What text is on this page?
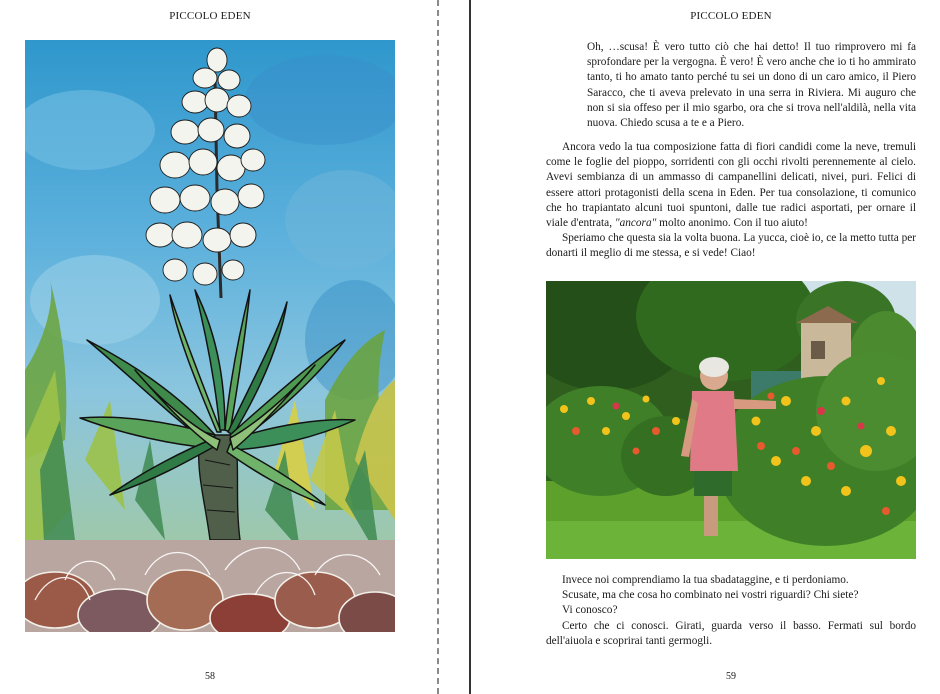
PICCOLO EDEN
58
PICCOLO EDEN

Oh, …scusa! È vero tutto ciò che hai detto! Il tuo rimprovero mi fa sprofondare per la vergogna. È vero! È vero anche che io ti ho ammirato tanto, ti ho amato tanto perché tu sei un dono di un caro amico, il Piero Saracco, che ti aveva prelevato in una serra in Riviera. Mi auguro che non si sia offeso per il mio sgarbo, ora che si trova nell'aldilà, nella vita nuova. Chiedo scusa a te e a Piero.

Ancora vedo la tua composizione fatta di fiori candidi come la neve, tremuli come le foglie del pioppo, sorridenti con gli occhi rivolti perennemente al cielo. Avevi sembianza di un ammasso di campanellini delicati, nivei, puri. Felici di essere attori protagonisti della scena in Eden. Per tua consolazione, ti comunico che ho trapiantato alcuni tuoi spuntoni, dalle tue radici asportati, per ornare il viale d'entrata, "ancora" molto anonimo. Con il tuo aiuto!

Speriamo che questa sia la volta buona. La yucca, cioè io, ce la metto tutta per donarti il meglio di me stessa, e si vede! Ciao!

Invece noi comprendiamo la tua sbadataggine, e ti perdoniamo.

Scusate, ma che cosa ho combinato nei vostri riguardi? Chi siete?

Vi conosco?

Certo che ci conosci. Girati, guarda verso il basso. Fermati sul bordo dell'aiuola e scoprirai tanti germogli.

59
